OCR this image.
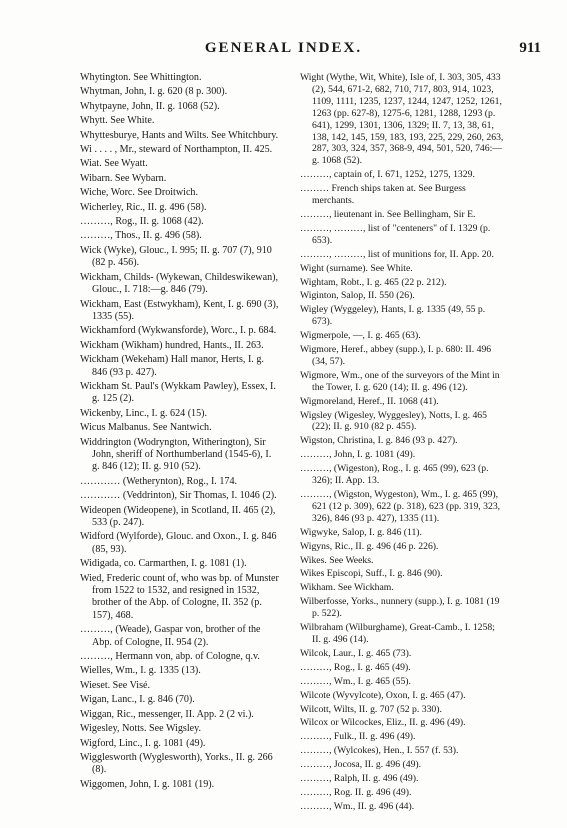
GENERAL INDEX.	911
Whytington. See Whittington.
Whytman, John, I. g. 620 (8 p. 300).
Whytpayne, John, II. g. 1068 (52).
Whytt. See White.
Whyttesburye, Hants and Wilts. See Whitchbury.
Wi . . . . , Mr., steward of Northampton, II. 425.
Wiat. See Wyatt.
Wibarn. See Wybarn.
Wiche, Worc. See Droitwich.
Wicherley, Ric., II. g. 496 (58).
………, Rog., II. g. 1068 (42).
………, Thos., II. g. 496 (58).
Wick (Wyke), Glouc., I. 995; II. g. 707 (7), 910 (82 p. 456).
Wickham, Childs- (Wykewan, Childeswikewan), Glouc., I. 718:—g. 846 (79).
Wickham, East (Estwykham), Kent, I. g. 690 (3), 1335 (55).
Wickhamford (Wykwansforde), Worc., I. p. 684.
Wickham (Wikham) hundred, Hants., II. 263.
Wickham (Wekeham) Hall manor, Herts, I. g. 846 (93 p. 427).
Wickham St. Paul's (Wykkam Pawley), Essex, I. g. 125 (2).
Wickenby, Linc., I. g. 624 (15).
Wicus Malbanus. See Nantwich.
Widdrington (Wodryngton, Witherington), Sir John, sheriff of Northumberland (1545-6), I. g. 846 (12); II. g. 910 (52).
………… (Wetherynton), Rog., I. 174.
………… (Veddrinton), Sir Thomas, I. 1046 (2).
Wideopen (Wideopene), in Scotland, II. 465 (2), 533 (p. 247).
Widford (Wylforde), Glouc. and Oxon., I. g. 846 (85, 93).
Widigada, co. Carmarthen, I. g. 1081 (1).
Wied, Frederic count of, who was bp. of Munster from 1522 to 1532, and resigned in 1532, brother of the Abp. of Cologne, II. 352 (p. 157), 468.
………, (Weade), Gaspar von, brother of the Abp. of Cologne, II. 954 (2).
………, Hermann von, abp. of Cologne, q.v.
Wielles, Wm., I. g. 1335 (13).
Wieset. See Visé.
Wigan, Lanc., I. g. 846 (70).
Wiggan, Ric., messenger, II. App. 2 (2 vi.).
Wigesley, Notts. See Wigsley.
Wigford, Linc., I. g. 1081 (49).
Wigglesworth (Wyglesworth), Yorks., II. g. 266 (8).
Wiggomen, John, I. g. 1081 (19).
Wight (Wythe, Wit, White), Isle of, I. 303, 305, 433 (2), 544, 671-2, 682, 710, 717, 803, 914, 1023, 1109, 1111, 1235, 1237, 1244, 1247, 1252, 1261, 1263 (pp. 627-8), 1275-6, 1281, 1288, 1293 (p. 641), 1299, 1301, 1306, 1329; II. 7, 13, 38, 61, 138, 142, 145, 159, 183, 193, 225, 229, 260, 263, 287, 303, 324, 357, 368-9, 494, 501, 520, 746:—g. 1068 (52).
………, captain of, I. 671, 1252, 1275, 1329.
……… French ships taken at. See Burgess merchants.
………, lieutenant in. See Bellingham, Sir E.
………, ………, list of "centeners" of I. 1329 (p. 653).
………, ………, list of munitions for, II. App. 20.
Wight (surname). See White.
Wightam, Robt., I. g. 465 (22 p. 212).
Wiginton, Salop, II. 550 (26).
Wigley (Wyggeley), Hants, I. g. 1335 (49, 55 p. 673).
Wigmerpole, —, I. g. 465 (63).
Wigmore, Heref., abbey (supp.), I. p. 680: II. 496 (34, 57).
Wigmore, Wm., one of the surveyors of the Mint in the Tower, I. g. 620 (14); II. g. 496 (12).
Wigmoreland, Heref., II. 1068 (41).
Wigsley (Wigesley, Wyggesley), Notts, I. g. 465 (22); II. g. 910 (82 p. 455).
Wigston, Christina, I. g. 846 (93 p. 427).
………, John, I. g. 1081 (49).
………, (Wigeston), Rog., I. g. 465 (99), 623 (p. 326); II. App. 13.
………, (Wigston, Wygeston), Wm., I. g. 465 (99), 621 (12 p. 309), 622 (p. 318), 623 (pp. 319, 323, 326), 846 (93 p. 427), 1335 (11).
Wigwyke, Salop, I. g. 846 (11).
Wigyns, Ric., II. g. 496 (46 p. 226).
Wikes. See Weeks.
Wikes Episcopi, Suff., I. g. 846 (90).
Wikham. See Wickham.
Wilberfosse, Yorks., nunnery (supp.), I. g. 1081 (19 p. 522).
Wilbraham (Wilburghame), Great-Camb., I. 1258; II. g. 496 (14).
Wilcok, Laur., I. g. 465 (73).
………, Rog., I. g. 465 (49).
………, Wm., I. g. 465 (55).
Wilcote (Wyvylcote), Oxon, I. g. 465 (47).
Wilcott, Wilts, II. g. 707 (52 p. 330).
Wilcox or Wilcockes, Eliz., II. g. 496 (49).
………, Fulk., II. g. 496 (49).
………, (Wylcokes), Hen., I. 557 (f. 53).
………, Jocosa, II. g. 496 (49).
………, Ralph, II. g. 496 (49).
………, Rog. II. g. 496 (49).
………, Wm., II. g. 496 (44).
